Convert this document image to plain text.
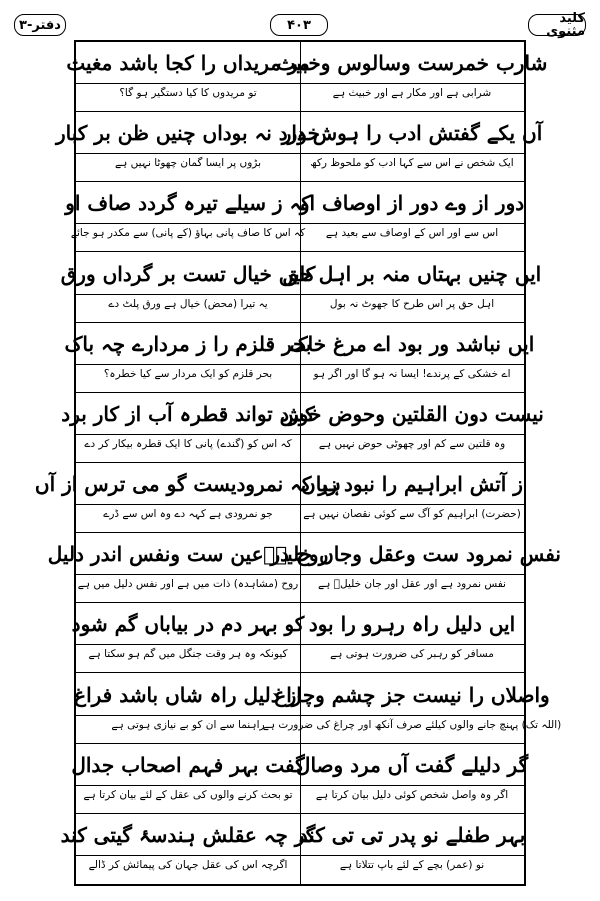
دفتر-۳	۴۰۳	کلید مثنوی
شارب خمرست وسالوس وخبیث
شرابی ہے اور مکار ہے اور خبیث ہے
مر مریداں را کجا باشد مغیث
تو مریدوں کا کیا دستگیر ہو گا؟
آں یکے گفتش ادب را ہوش دار
ایک شخص نے اس سے کہا ادب کو ملحوظ رکھ
خورد نہ بوداں چنیں ظن بر کبار
بڑوں پر ایسا گمان چھوٹا نہیں ہے
دور از وے دور از اوصاف او
اس سے اور اس کے اوصاف سے بعید ہے
کہ ز سیلے تیرہ گردد صاف او
کہ اس کا صاف پانی بہاؤ (کے پانی) سے مکدر ہو جائے
ایں چنیں بہتاں منہ بر اہل حق
اہل حق پر اس طرح کا جھوٹ نہ بول
کایں خیال تست بر گرداں ورق
یہ تیرا (محض) خیال ہے ورق پلٹ دے
ایں نباشد ور بود اے مرغ خاک
اے خشکی کے پرندے! ایسا نہ ہو گا اور اگر ہو
بحر قلزم را ز مردارے چہ باک
بحر قلزم کو ایک مردار سے کیا خطرہ؟
نیست دون القلتین وحوض خورد
وہ قلتین سے کم اور چھوٹی حوض نہیں ہے
کش تواند قطرہ آب از کار برد
کہ اس کو (گندے) پانی کا ایک قطرہ بیکار کر دے
ز آتش ابراہیم را نبود زیاں
(حضرت) ابراہیم کو آگ سے کوئی نقصان نہیں ہے
ہر کہ نمرودیست گو می ترس از آں
جو نمرودی ہے کہہ دے وہ اس سے ڈرے
نفس نمرود ست وعقل وجاں خلیلؑ
نفس نمرود ہے اور عقل اور جان خلیلؑ ہے
روح در عین ست ونفس اندر دلیل
روح (مشاہدہ) ذات میں ہے اور نفس دلیل میں ہے
ایں دلیل راہ رہرو را بود
مسافر کو رہبر کی ضرورت ہوتی ہے
کو بہر دم در بیاباں گم شود
کیونکہ وہ ہر وقت جنگل میں گم ہو سکتا ہے
واصلاں را نیست جز چشم وچراغ
(اللہ تک) پہنچ جانے والوں کیلئے صرف آنکھ اور چراغ کی ضرورت ہے
از دلیل راہ شاں باشد فراغ
راہنما سے ان کو بے نیازی ہوتی ہے
گر دلیلے گفت آں مرد وصال
اگر وہ واصل شخص کوئی دلیل بیان کرتا ہے
گفت بہر فہم اصحاب جدال
تو بحث کرنے والوں کی عقل کے لئے بیان کرتا ہے
بہر طفلے نو پدر تی تی کند
نو (عمر) بچے کے لئے باپ تتلاتا ہے
گر چہ عقلش ہندسۂ گیتی کند
اگرچہ اس کی عقل جہان کی پیمائش کر ڈالے
